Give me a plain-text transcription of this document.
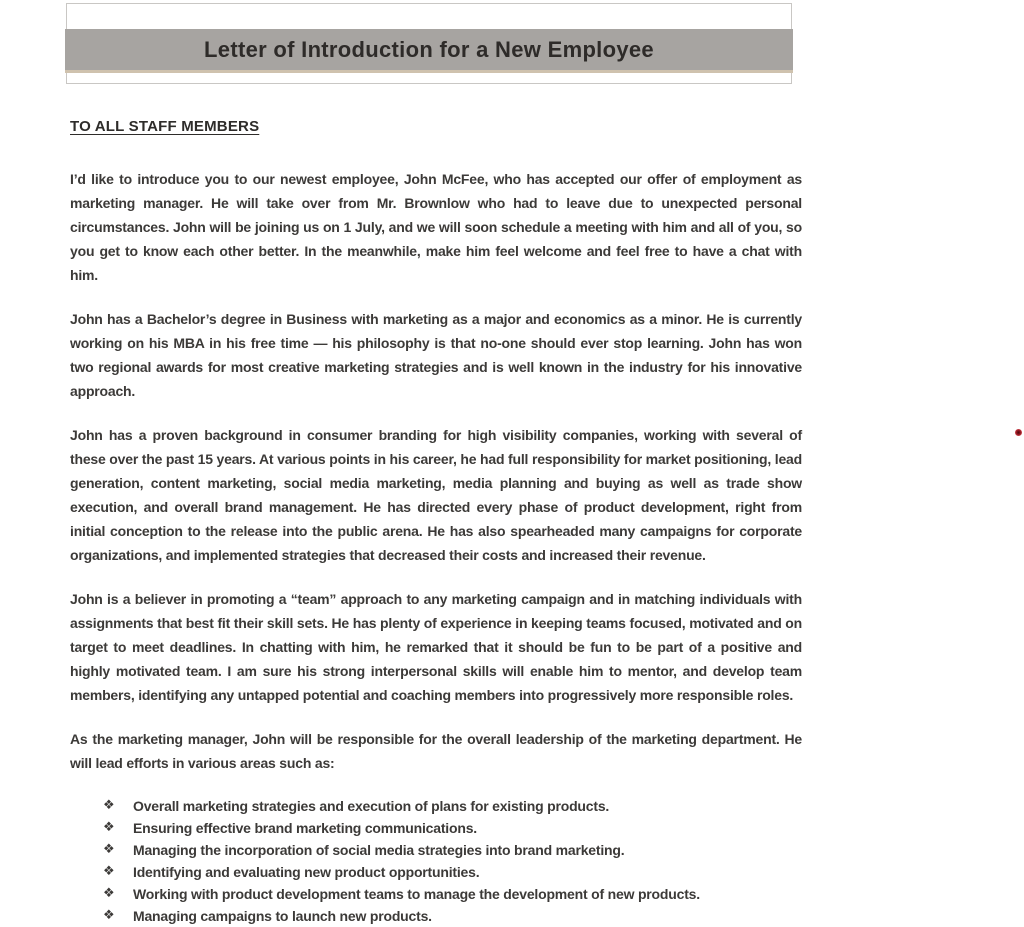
Letter of Introduction for a New Employee
TO ALL STAFF MEMBERS

I’d like to introduce you to our newest employee, John McFee, who has accepted our offer of employment as marketing manager. He will take over from Mr. Brownlow who had to leave due to unexpected personal circumstances. John will be joining us on 1 July, and we will soon schedule a meeting with him and all of you, so you get to know each other better. In the meanwhile, make him feel welcome and feel free to have a chat with him.

John has a Bachelor’s degree in Business with marketing as a major and economics as a minor. He is currently working on his MBA in his free time — his philosophy is that no-one should ever stop learning. John has won two regional awards for most creative marketing strategies and is well known in the industry for his innovative approach.

John has a proven background in consumer branding for high visibility companies, working with several of these over the past 15 years. At various points in his career, he had full responsibility for market positioning, lead generation, content marketing, social media marketing, media planning and buying as well as trade show execution, and overall brand management. He has directed every phase of product development, right from initial conception to the release into the public arena. He has also spearheaded many campaigns for corporate organizations, and implemented strategies that decreased their costs and increased their revenue.

John is a believer in promoting a “team” approach to any marketing campaign and in matching individuals with assignments that best fit their skill sets. He has plenty of experience in keeping teams focused, motivated and on target to meet deadlines. In chatting with him, he remarked that it should be fun to be part of a positive and highly motivated team. I am sure his strong interpersonal skills will enable him to mentor, and develop team members, identifying any untapped potential and coaching members into progressively more responsible roles.

As the marketing manager, John will be responsible for the overall leadership of the marketing department. He will lead efforts in various areas such as:

❖	Overall marketing strategies and execution of plans for existing products.
❖	Ensuring effective brand marketing communications.
❖	Managing the incorporation of social media strategies into brand marketing.
❖	Identifying and evaluating new product opportunities.
❖	Working with product development teams to manage the development of new products.
❖	Managing campaigns to launch new products.
